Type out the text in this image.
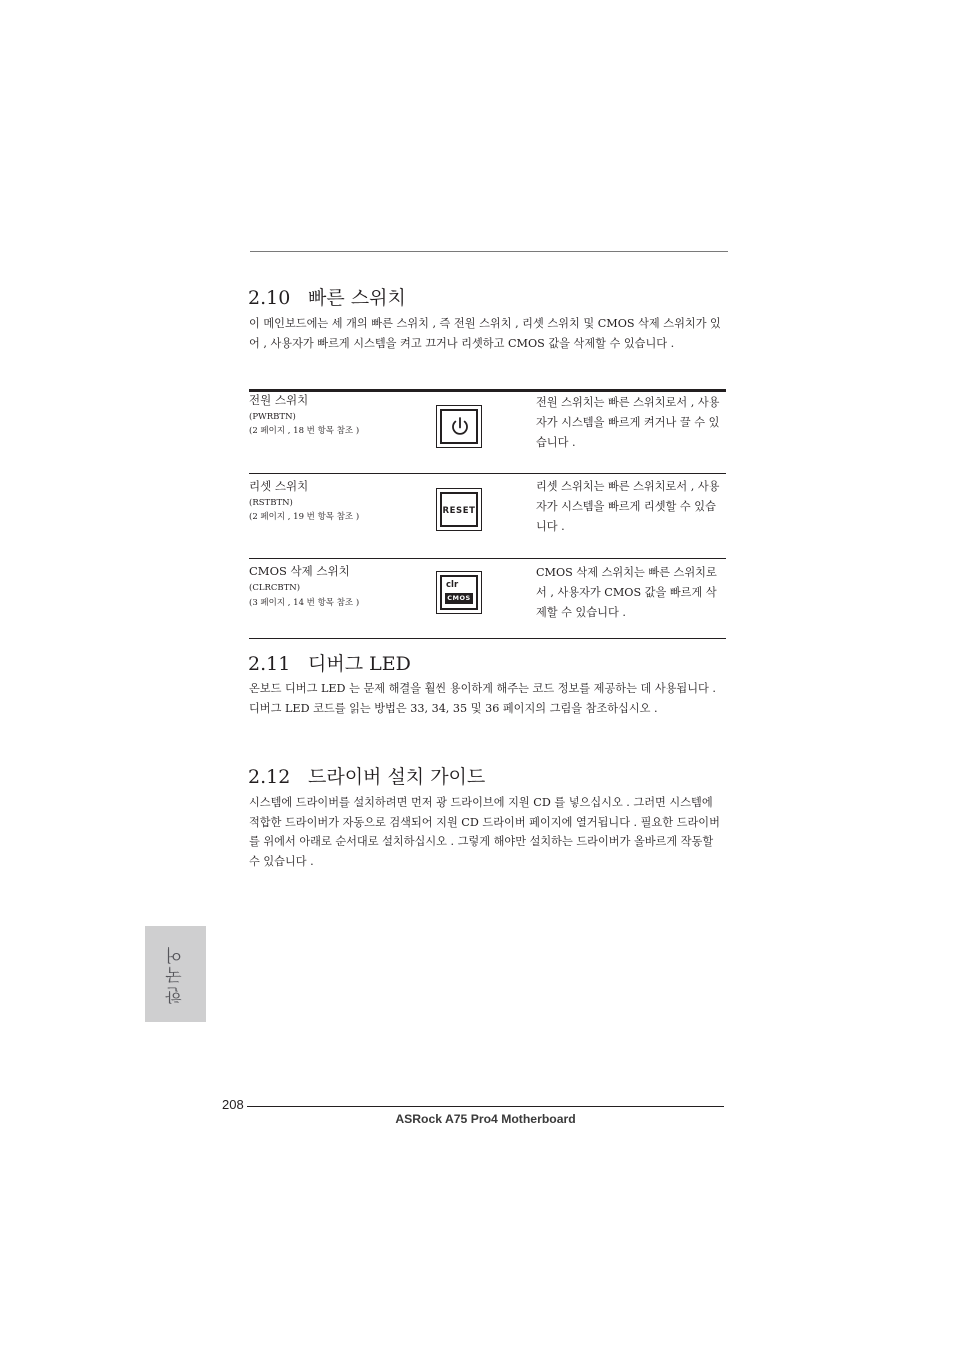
2.10 빠른 스위치
이 메인보드에는 세 개의 빠른 스위치 , 즉 전원 스위치 , 리셋 스위치 및 CMOS 삭제 스위치가 있어 , 사용자가 빠르게 시스템을 켜고 끄거나 리셋하고 CMOS 값을 삭제할 수 있습니다 .
전원 스위치
(PWRBTN)
(2 페이지 , 18 번 항목 참조 )
전원 스위치는 빠른 스위치로서 , 사용자가 시스템을 빠르게 켜거나 끌 수 있습니다 .
리셋 스위치
(RSTBTN)
(2 페이지 , 19 번 항목 참조 )
RESET
리셋 스위치는 빠른 스위치로서 , 사용자가 시스템을 빠르게 리셋할 수 있습니다 .
CMOS 삭제 스위치
(CLRCBTN)
(3 페이지 , 14 번 항목 참조 )
clr
CMOS
CMOS 삭제 스위치는 빠른 스위치로서 , 사용자가 CMOS 값을 빠르게 삭제할 수 있습니다 .
2.11 디버그 LED
온보드 디버그 LED 는 문제 해결을 훨씬 용이하게 해주는 코드 정보를 제공하는 데 사용됩니다 . 디버그 LED 코드를 읽는 방법은 33, 34, 35 및 36 페이지의 그림을 참조하십시오 .
2.12 드라이버 설치 가이드
시스템에 드라이버를 설치하려면 먼저 광 드라이브에 지원 CD 를 넣으십시오 . 그러면 시스템에 적합한 드라이버가 자동으로 검색되어 지원 CD 드라이버 페이지에 열거됩니다 . 필요한 드라이버를 위에서 아래로 순서대로 설치하십시오 . 그렇게 해야만 설치하는 드라이버가 올바르게 작동할 수 있습니다 .
한국어
208
ASRock A75 Pro4 Motherboard
